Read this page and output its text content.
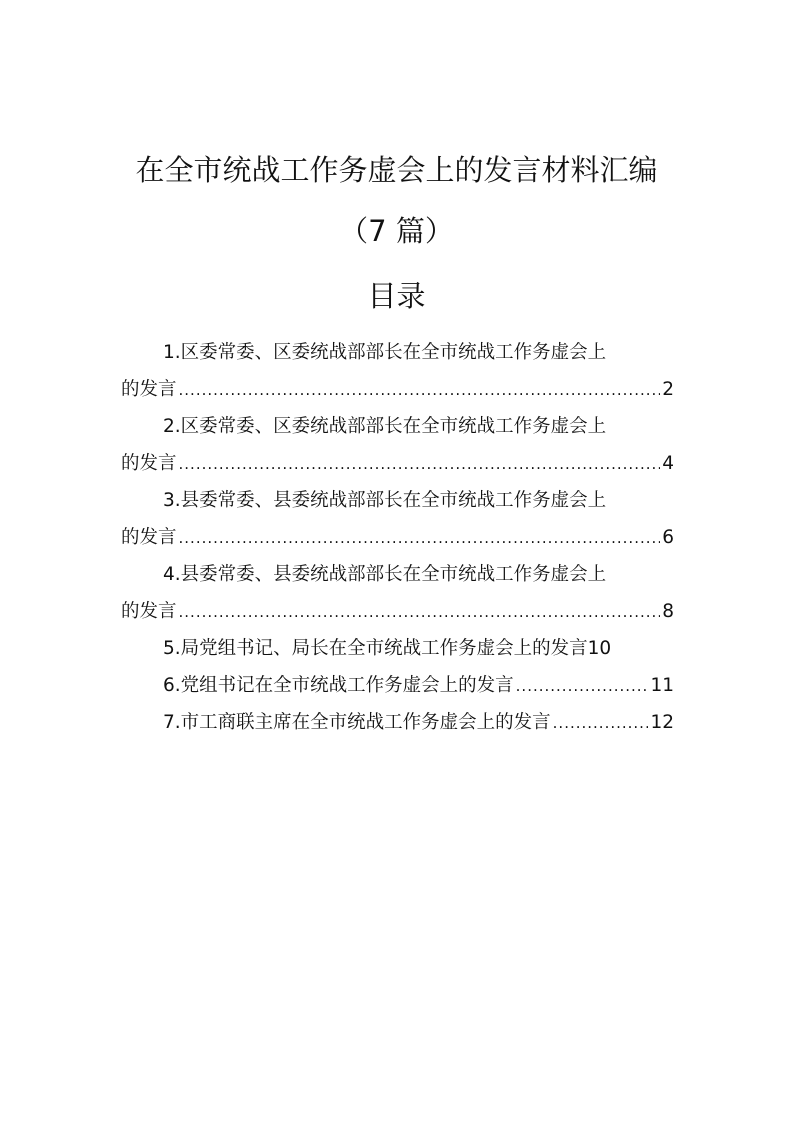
在全市统战工作务虚会上的发言材料汇编
（7 篇）
目录
1.区委常委、区委统战部部长在全市统战工作务虚会上
的发言 .....	2
2.区委常委、区委统战部部长在全市统战工作务虚会上
的发言 .....	4
3.县委常委、县委统战部部长在全市统战工作务虚会上
的发言 .....	6
4.县委常委、县委统战部部长在全市统战工作务虚会上
的发言 .....	8
5.局党组书记、局长在全市统战工作务虚会上的发言 10
6.党组书记在全市统战工作务虚会上的发言 .....	11
7.市工商联主席在全市统战工作务虚会上的发言 .....	12
